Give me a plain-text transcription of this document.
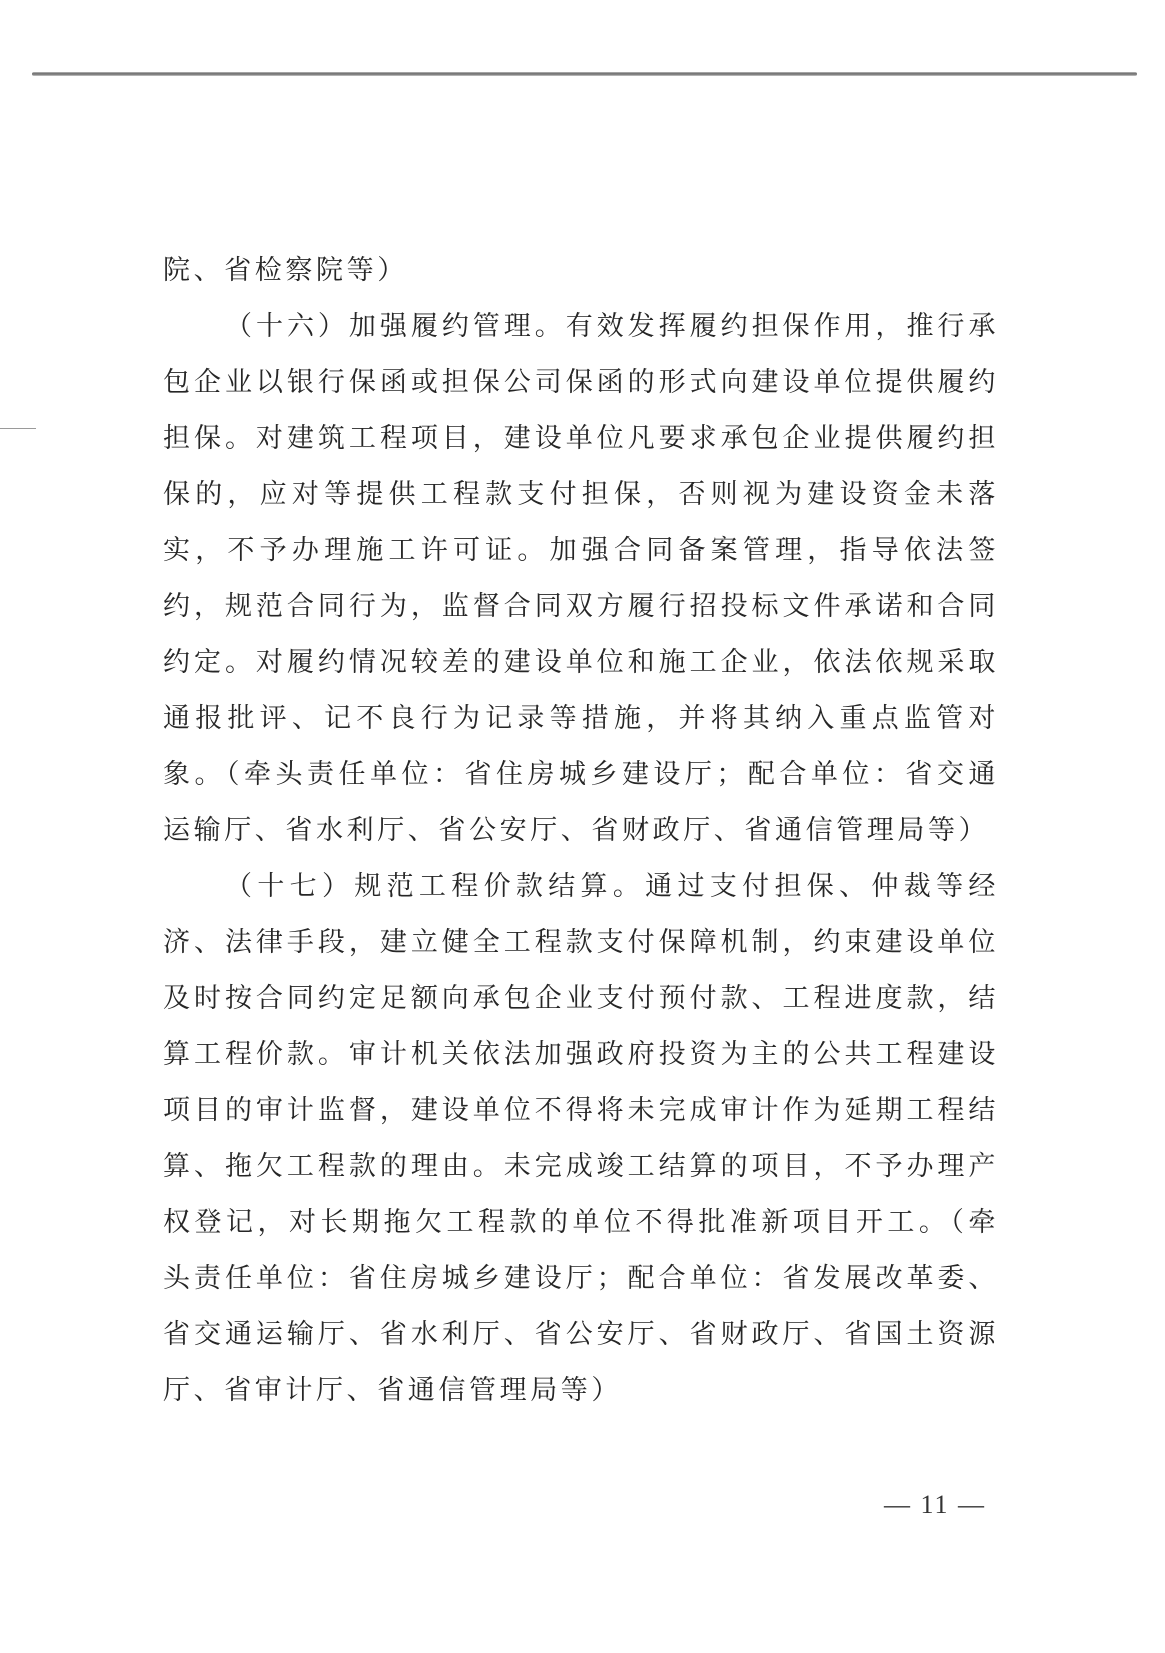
院、省检察院等）

（十六）加强履约管理。有效发挥履约担保作用，推行承包企业以银行保函或担保公司保函的形式向建设单位提供履约担保。对建筑工程项目，建设单位凡要求承包企业提供履约担保的，应对等提供工程款支付担保，否则视为建设资金未落实，不予办理施工许可证。加强合同备案管理，指导依法签约，规范合同行为，监督合同双方履行招投标文件承诺和合同约定。对履约情况较差的建设单位和施工企业，依法依规采取通报批评、记不良行为记录等措施，并将其纳入重点监管对象。（牵头责任单位：省住房城乡建设厅；配合单位：省交通运输厅、省水利厅、省公安厅、省财政厅、省通信管理局等）

（十七）规范工程价款结算。通过支付担保、仲裁等经济、法律手段，建立健全工程款支付保障机制，约束建设单位及时按合同约定足额向承包企业支付预付款、工程进度款，结算工程价款。审计机关依法加强政府投资为主的公共工程建设项目的审计监督，建设单位不得将未完成审计作为延期工程结算、拖欠工程款的理由。未完成竣工结算的项目，不予办理产权登记，对长期拖欠工程款的单位不得批准新项目开工。（牵头责任单位：省住房城乡建设厅；配合单位：省发展改革委、省交通运输厅、省水利厅、省公安厅、省财政厅、省国土资源厅、省审计厅、省通信管理局等）

— 11 —
